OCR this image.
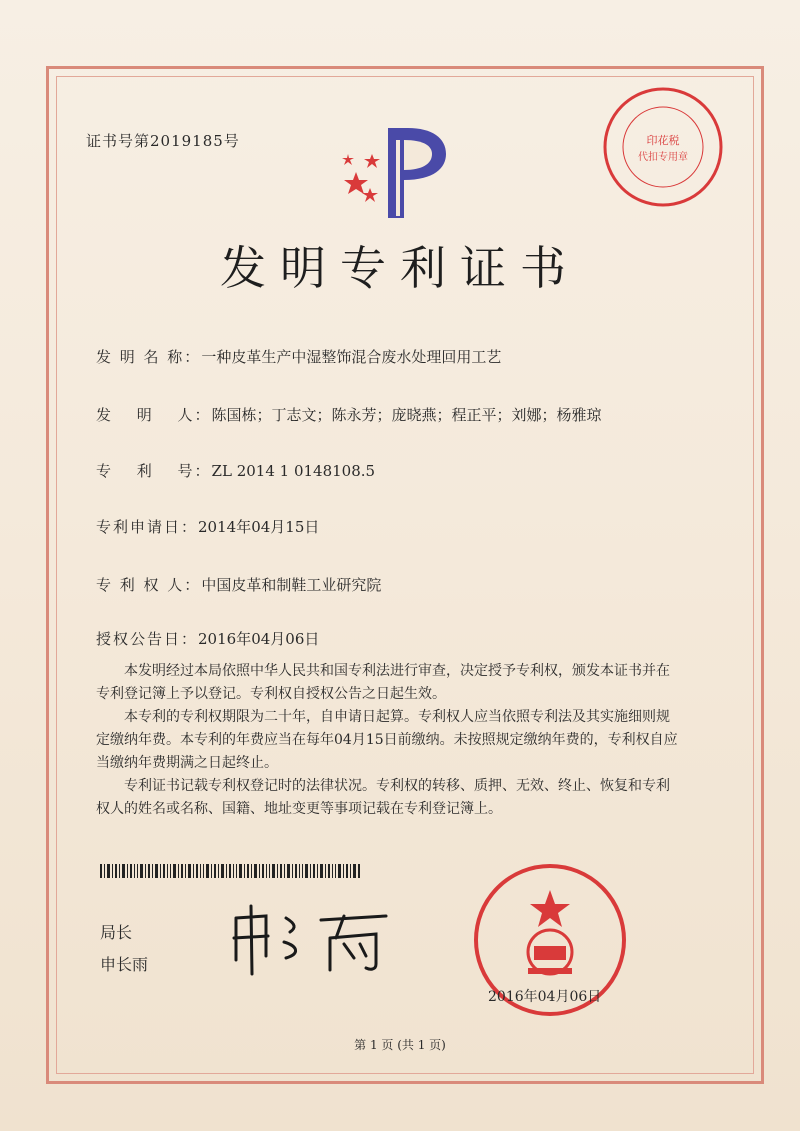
证书号第2019185号
发明专利证书
印花税
代扣专用章
发 明 名 称：一种皮革生产中湿整饰混合废水处理回用工艺
发　 明　 人：陈国栋；丁志文；陈永芳；庞晓燕；程正平；刘娜；杨雅琼
专　 利　 号：ZL 2014 1 0148108.5
专利申请日：2014年04月15日
专 利 权 人：中国皮革和制鞋工业研究院
授权公告日：2016年04月06日

本发明经过本局依照中华人民共和国专利法进行审查，决定授予专利权，颁发本证书并在专利登记簿上予以登记。专利权自授权公告之日起生效。

本专利的专利权期限为二十年，自申请日起算。专利权人应当依照专利法及其实施细则规定缴纳年费。本专利的年费应当在每年04月15日前缴纳。未按照规定缴纳年费的，专利权自应当缴纳年费期满之日起终止。

专利证书记载专利权登记时的法律状况。专利权的转移、质押、无效、终止、恢复和专利权人的姓名或名称、国籍、地址变更等事项记载在专利登记簿上。

局长
申长雨
2016年04月06日
第 1 页 (共 1 页)
